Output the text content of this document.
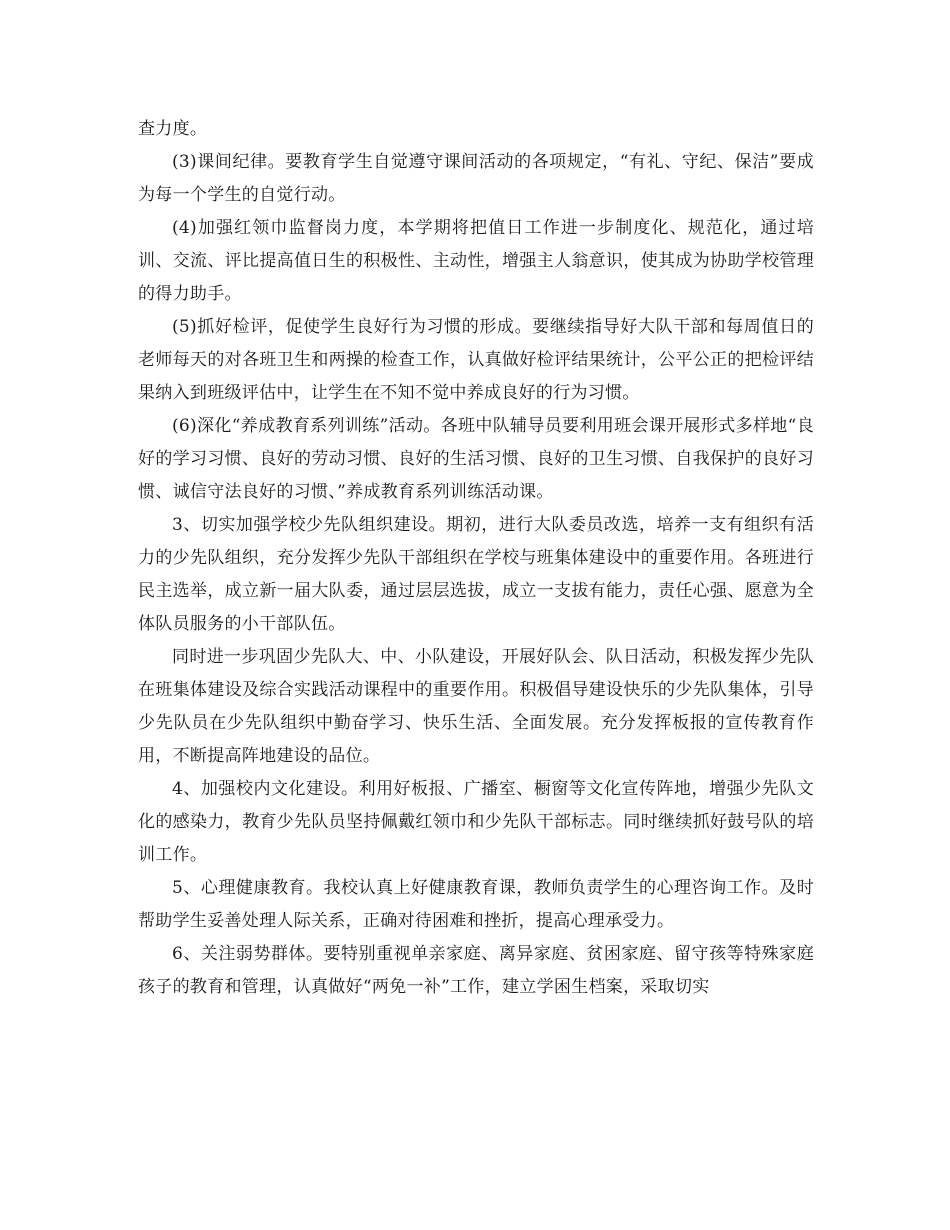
查力度。

(3)课间纪律。要教育学生自觉遵守课间活动的各项规定，“有礼、守纪、保洁”要成为每一个学生的自觉行动。

(4)加强红领巾监督岗力度，本学期将把值日工作进一步制度化、规范化，通过培训、交流、评比提高值日生的积极性、主动性，增强主人翁意识，使其成为协助学校管理的得力助手。

(5)抓好检评，促使学生良好行为习惯的形成。要继续指导好大队干部和每周值日的老师每天的对各班卫生和两操的检查工作，认真做好检评结果统计，公平公正的把检评结果纳入到班级评估中，让学生在不知不觉中养成良好的行为习惯。

(6)深化“养成教育系列训练”活动。各班中队辅导员要利用班会课开展形式多样地“良好的学习习惯、良好的劳动习惯、良好的生活习惯、良好的卫生习惯、自我保护的良好习惯、诚信守法良好的习惯、”养成教育系列训练活动课。

3、切实加强学校少先队组织建设。期初，进行大队委员改选，培养一支有组织有活力的少先队组织，充分发挥少先队干部组织在学校与班集体建设中的重要作用。各班进行民主选举，成立新一届大队委，通过层层选拔，成立一支拔有能力，责任心强、愿意为全体队员服务的小干部队伍。

同时进一步巩固少先队大、中、小队建设，开展好队会、队日活动，积极发挥少先队在班集体建设及综合实践活动课程中的重要作用。积极倡导建设快乐的少先队集体，引导少先队员在少先队组织中勤奋学习、快乐生活、全面发展。充分发挥板报的宣传教育作用，不断提高阵地建设的品位。

4、加强校内文化建设。利用好板报、广播室、橱窗等文化宣传阵地，增强少先队文化的感染力，教育少先队员坚持佩戴红领巾和少先队干部标志。同时继续抓好鼓号队的培训工作。

5、心理健康教育。我校认真上好健康教育课，教师负责学生的心理咨询工作。及时帮助学生妥善处理人际关系，正确对待困难和挫折，提高心理承受力。

6、关注弱势群体。要特别重视单亲家庭、离异家庭、贫困家庭、留守孩等特殊家庭孩子的教育和管理，认真做好“两免一补”工作，建立学困生档案，采取切实
